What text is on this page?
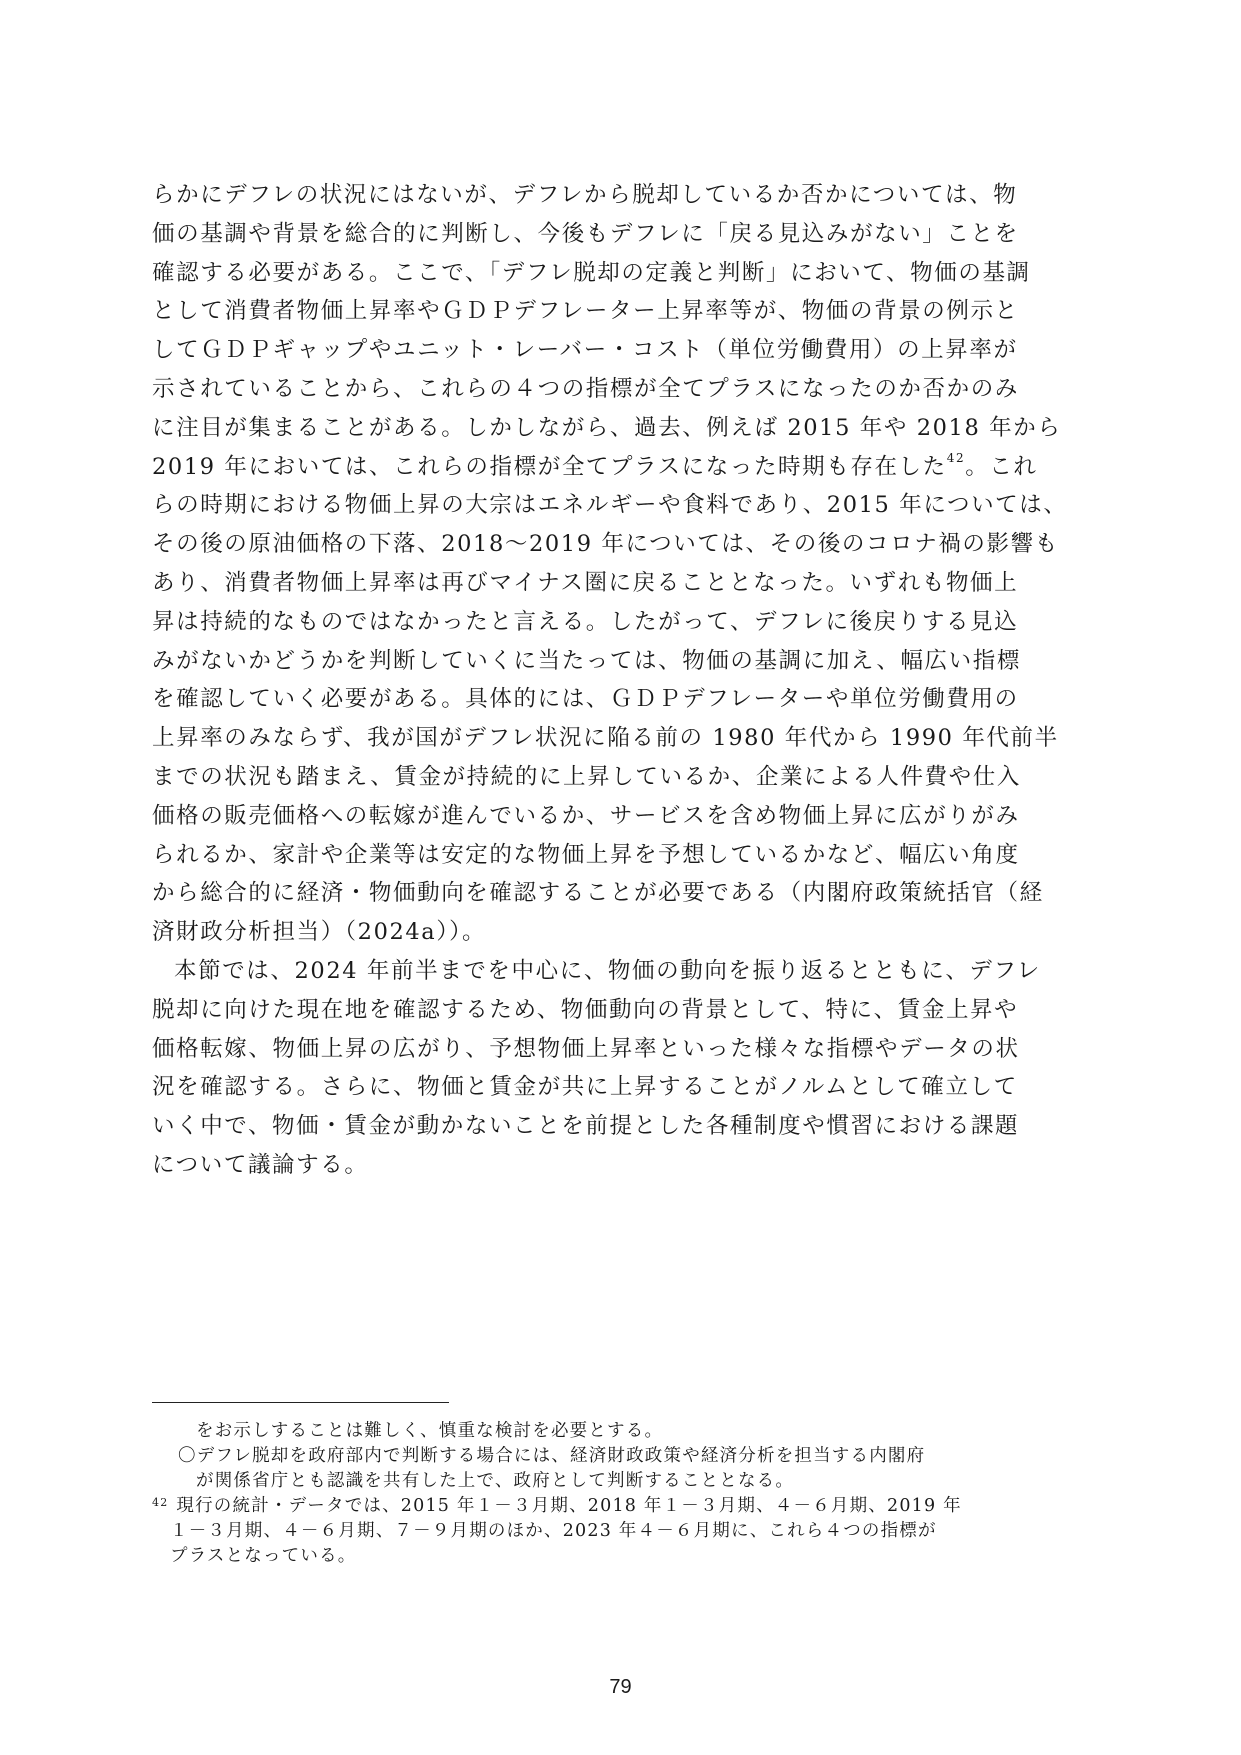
らかにデフレの状況にはないが、デフレから脱却しているか否かについては、物
価の基調や背景を総合的に判断し、今後もデフレに「戻る見込みがない」ことを
確認する必要がある。ここで、「デフレ脱却の定義と判断」において、物価の基調
として消費者物価上昇率やＧＤＰデフレーター上昇率等が、物価の背景の例示と
してＧＤＰギャップやユニット・レーバー・コスト（単位労働費用）の上昇率が
示されていることから、これらの４つの指標が全てプラスになったのか否かのみ
に注目が集まることがある。しかしながら、過去、例えば 2015 年や 2018 年から
2019 年においては、これらの指標が全てプラスになった時期も存在した$^{42}$。これ
らの時期における物価上昇の大宗はエネルギーや食料であり、2015 年については、
その後の原油価格の下落、2018～2019 年については、その後のコロナ禍の影響も
あり、消費者物価上昇率は再びマイナス圏に戻ることとなった。いずれも物価上
昇は持続的なものではなかったと言える。したがって、デフレに後戻りする見込
みがないかどうかを判断していくに当たっては、物価の基調に加え、幅広い指標
を確認していく必要がある。具体的には、ＧＤＰデフレーターや単位労働費用の
上昇率のみならず、我が国がデフレ状況に陥る前の 1980 年代から 1990 年代前半
までの状況も踏まえ、賃金が持続的に上昇しているか、企業による人件費や仕入
価格の販売価格への転嫁が進んでいるか、サービスを含め物価上昇に広がりがみ
られるか、家計や企業等は安定的な物価上昇を予想しているかなど、幅広い角度
から総合的に経済・物価動向を確認することが必要である（内閣府政策統括官（経
済財政分析担当）（2024a））。
本節では、2024 年前半までを中心に、物価の動向を振り返るとともに、デフレ
脱却に向けた現在地を確認するため、物価動向の背景として、特に、賃金上昇や
価格転嫁、物価上昇の広がり、予想物価上昇率といった様々な指標やデータの状
況を確認する。さらに、物価と賃金が共に上昇することがノルムとして確立して
いく中で、物価・賃金が動かないことを前提とした各種制度や慣習における課題
について議論する。
をお示しすることは難しく、慎重な検討を必要とする。
〇デフレ脱却を政府部内で判断する場合には、経済財政政策や経済分析を担当する内閣府
が関係省庁とも認識を共有した上で、政府として判断することとなる。
$^{42}$ 現行の統計・データでは、2015 年１－３月期、2018 年１－３月期、４－６月期、2019 年
１－３月期、４－６月期、７－９月期のほか、2023 年４－６月期に、これら４つの指標が
プラスとなっている。
79
